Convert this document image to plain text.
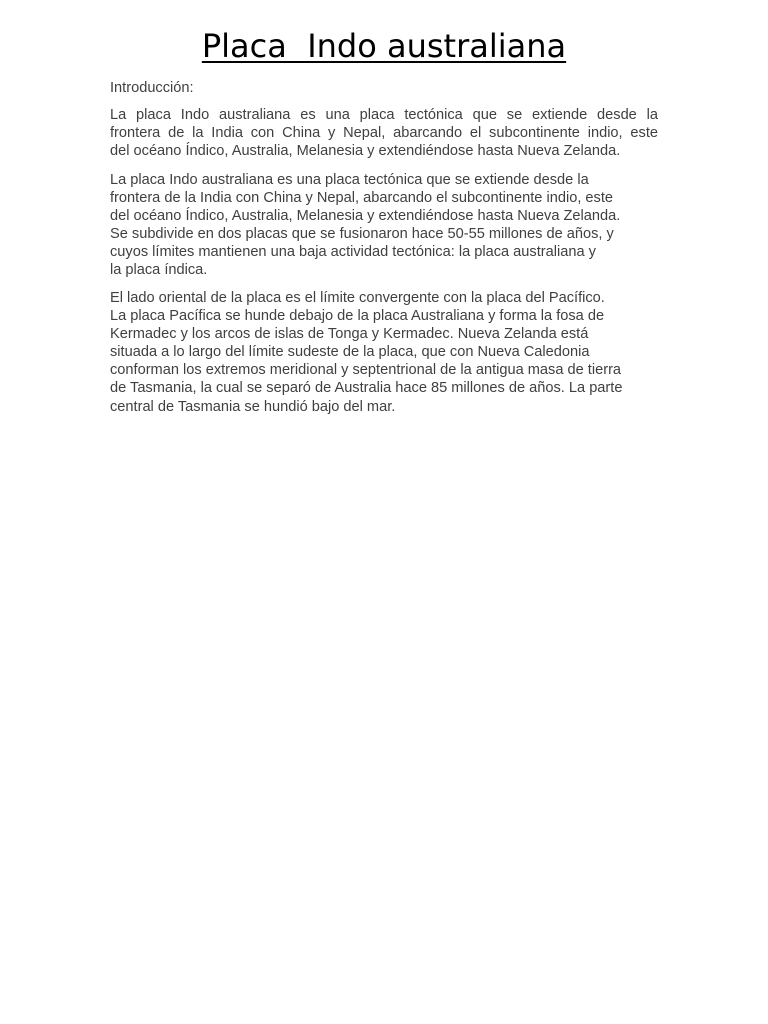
Placa  Indo australiana
Introducción:
La placa Indo australiana es una placa tectónica que se extiende desde la
frontera de la India con China y Nepal, abarcando el subcontinente indio, este
del océano Índico, Australia, Melanesia y extendiéndose hasta Nueva Zelanda.
La placa Indo australiana es una placa tectónica que se extiende desde la
frontera de la India con China y Nepal, abarcando el subcontinente indio, este
del océano Índico, Australia, Melanesia y extendiéndose hasta Nueva Zelanda.
Se subdivide en dos placas que se fusionaron hace 50-55 millones de años, y
cuyos límites mantienen una baja actividad tectónica: la placa australiana y
la placa índica.
El lado oriental de la placa es el límite convergente con la placa del Pacífico.
La placa Pacífica se hunde debajo de la placa Australiana y forma la fosa de
Kermadec y los arcos de islas de Tonga y Kermadec. Nueva Zelanda está
situada a lo largo del límite sudeste de la placa, que con Nueva Caledonia
conforman los extremos meridional y septentrional de la antigua masa de tierra
de Tasmania, la cual se separó de Australia hace 85 millones de años. La parte
central de Tasmania se hundió bajo del mar.
